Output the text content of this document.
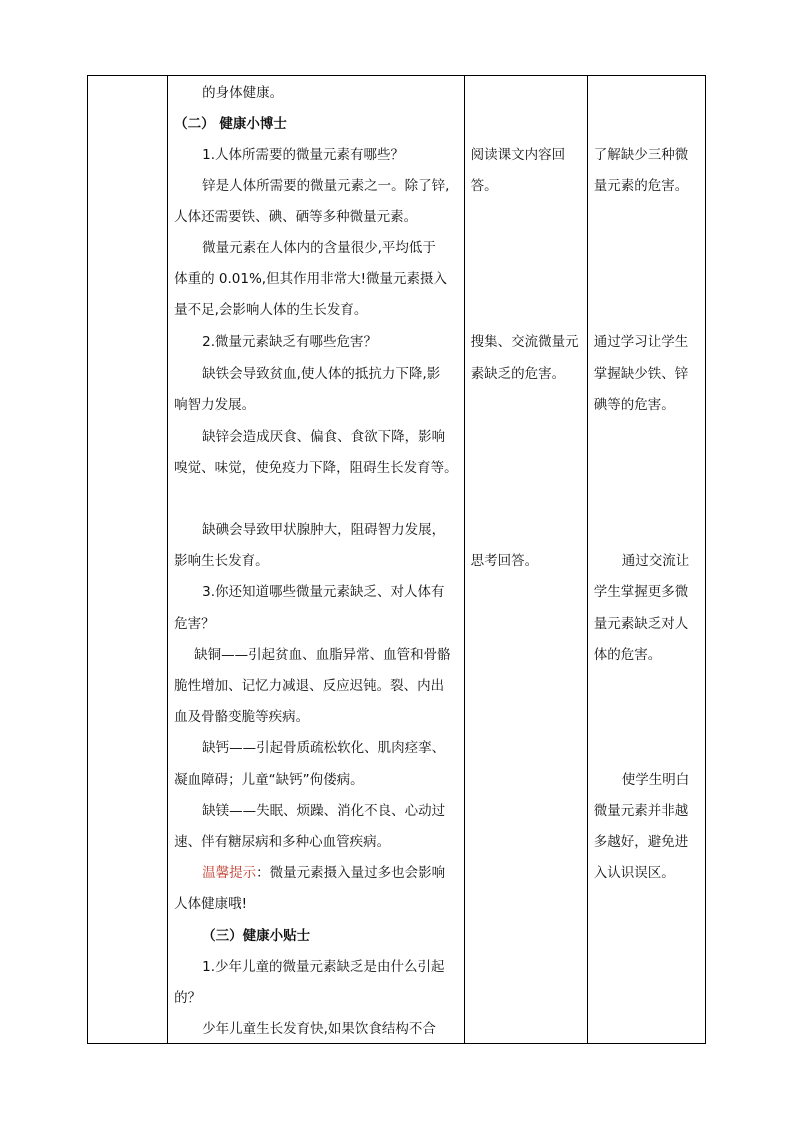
的身体健康。
（二） 健康小博士
1.人体所需要的微量元素有哪些？
锌是人体所需要的微量元素之一。除了锌,
人体还需要铁、碘、硒等多种微量元素。
微量元素在人体内的含量很少,平均低于
体重的 0.01%,但其作用非常大!微量元素摄入
量不足,会影响人体的生长发育。
2.微量元素缺乏有哪些危害？
缺铁会导致贫血,使人体的抵抗力下降,影
响智力发展。
缺锌会造成厌食、偏食、食欲下降，影响
嗅觉、味觉，使免疫力下降，阻碍生长发育等。
缺碘会导致甲状腺肿大，阻碍智力发展，
影响生长发育。
3.你还知道哪些微量元素缺乏、对人体有
危害？
缺铜——引起贫血、血脂异常、血管和骨骼
脆性增加、记忆力减退、反应迟钝。裂、内出
血及骨骼变脆等疾病。
缺钙——引起骨质疏松软化、肌肉痉挛、
凝血障碍；儿童“缺钙”佝偻病。
缺镁——失眠、烦躁、消化不良、心动过
速、伴有糖尿病和多种心血管疾病。
温馨提示：微量元素摄入量过多也会影响
人体健康哦!
（三）健康小贴士
1.少年儿童的微量元素缺乏是由什么引起
的？
少年儿童生长发育快,如果饮食结构不合

阅读课文内容回
答。
搜集、交流微量元
素缺乏的危害。
思考回答。

了解缺少三种微
量元素的危害。
通过学习让学生
掌握缺少铁、锌
碘等的危害。
通过交流让
学生掌握更多微
量元素缺乏对人
体的危害。
使学生明白
微量元素并非越
多越好，避免进
入认识误区。
